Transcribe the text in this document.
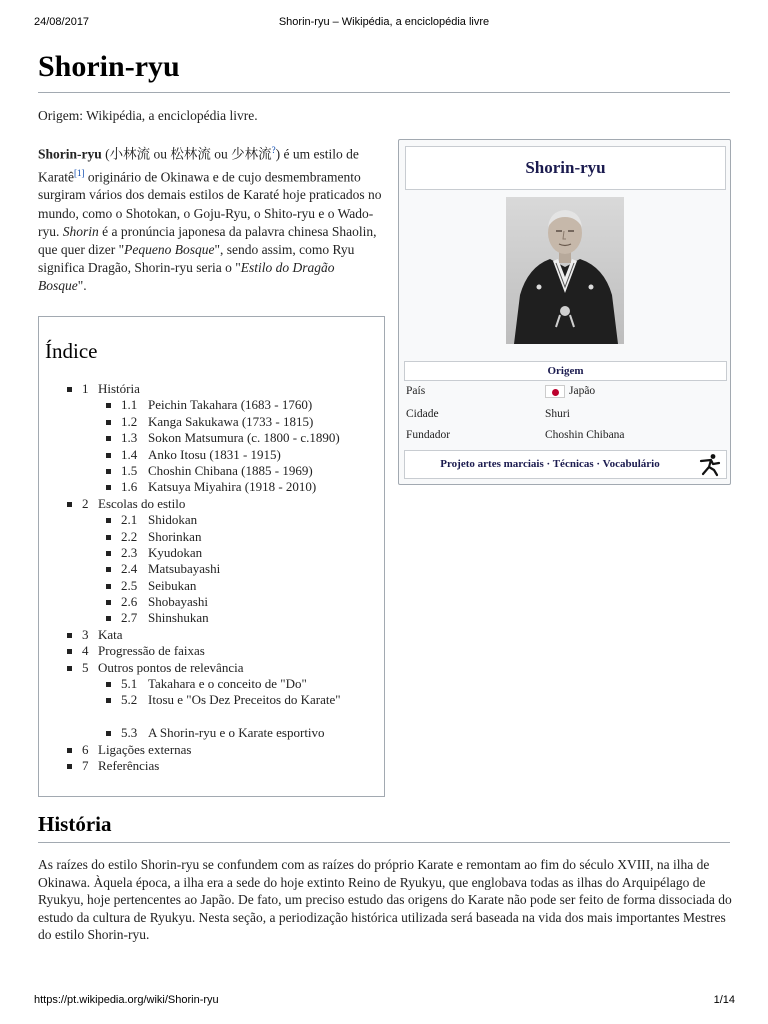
24/08/2017	Shorin-ryu – Wikipédia, a enciclopédia livre
Shorin-ryu
Origem: Wikipédia, a enciclopédia livre.
Shorin-ryu (小林流 ou 松林流 ou 少林流?) é um estilo de Karatê[1] originário de Okinawa e de cujo desmembramento surgiram vários dos demais estilos de Karaté hoje praticados no mundo, como o Shotokan, o Goju-Ryu, o Shito-ryu e o Wado-ryu. Shorin é a pronúncia japonesa da palavra chinesa Shaolin, que quer dizer "Pequeno Bosque", sendo assim, como Ryu significa Dragão, Shorin-ryu seria o "Estilo do Dragão Bosque".
Shorin-ryu
Origem
País	Japão
Cidade	Shuri
Fundador	Choshin Chibana
Projeto artes marciais · Técnicas · Vocabulário
Índice
1 História
1.1 Peichin Takahara (1683 - 1760)
1.2 Kanga Sakukawa (1733 - 1815)
1.3 Sokon Matsumura (c. 1800 - c.1890)
1.4 Anko Itosu (1831 - 1915)
1.5 Choshin Chibana (1885 - 1969)
1.6 Katsuya Miyahira (1918 - 2010)
2 Escolas do estilo
2.1 Shidokan
2.2 Shorinkan
2.3 Kyudokan
2.4 Matsubayashi
2.5 Seibukan
2.6 Shobayashi
2.7 Shinshukan
3 Kata
4 Progressão de faixas
5 Outros pontos de relevância
5.1 Takahara e o conceito de "Do"
5.2 Itosu e "Os Dez Preceitos do Karate"
5.3 A Shorin-ryu e o Karate esportivo
6 Ligações externas
7 Referências
História
As raízes do estilo Shorin-ryu se confundem com as raízes do próprio Karate e remontam ao fim do século XVIII, na ilha de Okinawa. Àquela época, a ilha era a sede do hoje extinto Reino de Ryukyu, que englobava todas as ilhas do Arquipélago de Ryukyu, hoje pertencentes ao Japão. De fato, um preciso estudo das origens do Karate não pode ser feito de forma dissociada do estudo da cultura de Ryukyu. Nesta seção, a periodização histórica utilizada será baseada na vida dos mais importantes Mestres do estilo Shorin-ryu.
https://pt.wikipedia.org/wiki/Shorin-ryu	1/14
